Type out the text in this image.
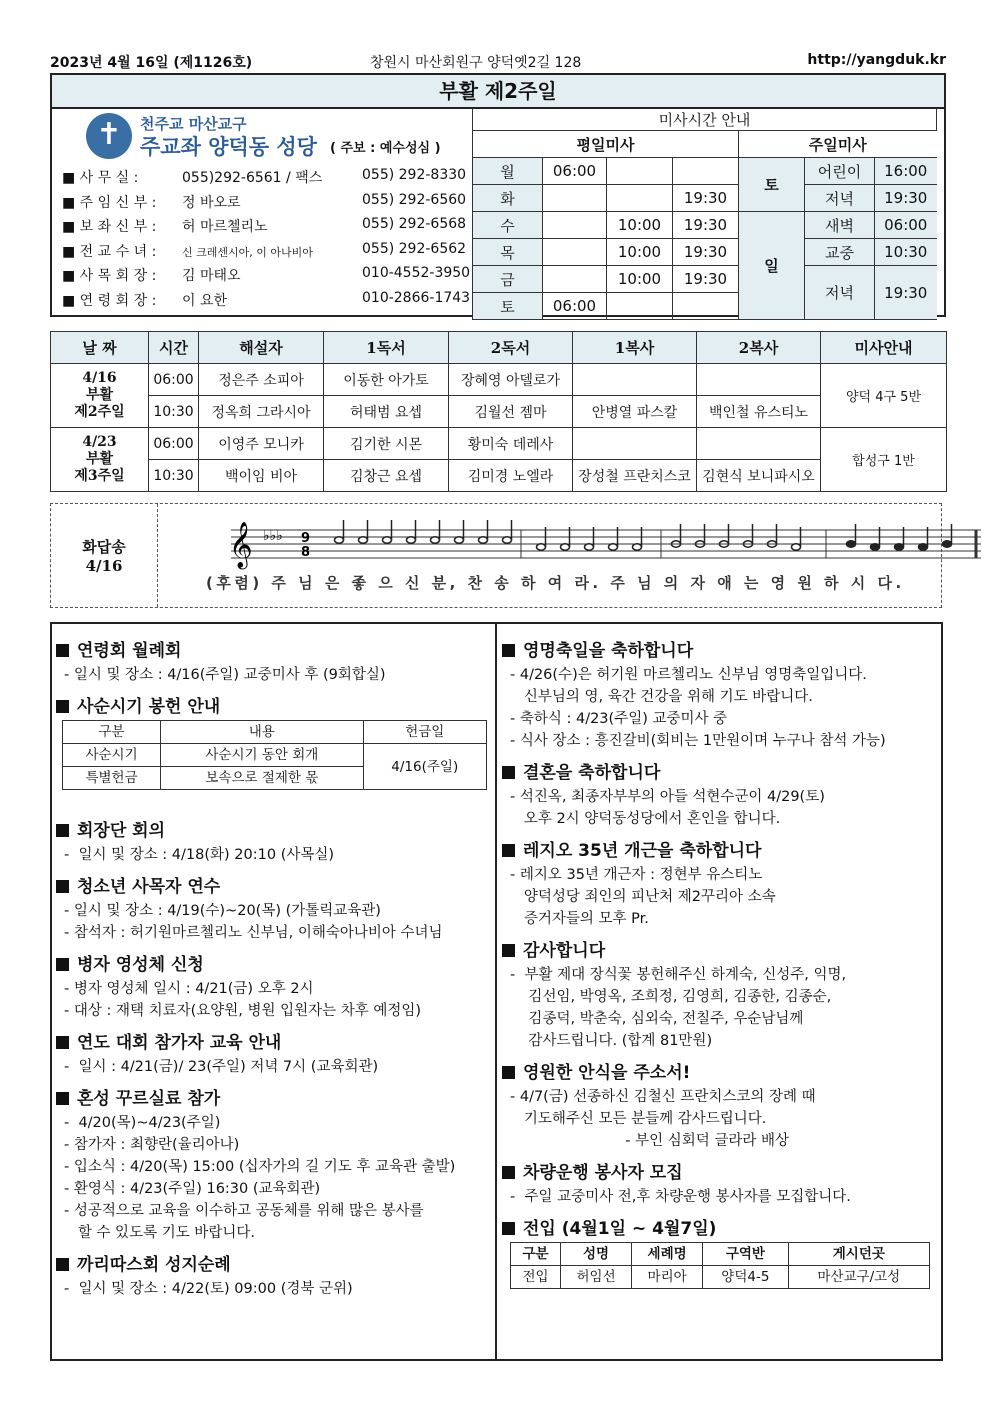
2023년 4월 16일 (제1126호)	창원시 마산회원구 양덕옛2길 128	http://yangduk.kr
부활 제2주일
✝	천주교 마산교구
주교좌 양덕동 성당 ( 주보 : 예수성심 )
■ 사 무 실 :	055)292-6561 / 팩스	055) 292-8330
■ 주 임 신 부 : 정 바오로	055) 292-6560
■ 보 좌 신 부 : 허 마르첼리노	055) 292-6568
■ 전 교 수 녀 : 신 크레센시아, 이 아나비아	055) 292-6562
■ 사 목 회 장 : 김 마태오	010-4552-3950
■ 연 령 회 장 : 이 요한	010-2866-1743
미사시간 안내						
평일미사				주일미사		
월	06:00			토	어린이	16:00
화			19:30		저녁	19:30
수		10:00	19:30	일	새벽	06:00
목		10:00	19:30		교중	10:30
금		10:00	19:30		저녁	19:30
토	06:00					
날 짜	시간	해설자	1독서	2독서	1복사	2복사	미사안내
4/16
부활
제2주일	06:00	정은주 소피아	이동한 아가토	장혜영 아델로가			양덕 4구 5반
	10:30	정옥희 그라시아	허태범 요셉	김월선 젬마	안병열 파스칼	백인철 유스티노	
4/23
부활
제3주일	06:00	이영주 모니카	김기한 시몬	황미숙 데레사			합성구 1반
	10:30	백이임 비아	김창근 요셉	김미경 노엘라	장성철 프란치스코	김현식 보니파시오	
화답송
4/16	𝄞 ♭♭♭ 9
8
(후렴) 주 님 은 좋 으 신 분, 찬 송 하 여 라. 주 님 의 자 애 는 영 원 하 시 다.
연령회 월례회
- 일시 및 장소 : 4/16(주일) 교중미사 후 (9회합실)
사순시기 봉헌 안내
구분	내용	헌금일
사순시기	사순시기 동안 회개	4/16(주일)
특별헌금	보속으로 절제한 몫	
회장단 회의
-  일시 및 장소 : 4/18(화) 20:10 (사목실)
청소년 사목자 연수
- 일시 및 장소 : 4/19(수)~20(목) (가톨릭교육관)
- 참석자 : 허기원마르첼리노 신부님, 이해숙아나비아 수녀님
병자 영성체 신청
- 병자 영성체 일시 : 4/21(금) 오후 2시
- 대상 : 재택 치료자(요양원, 병원 입원자는 차후 예정임)
연도 대회 참가자 교육 안내
-  일시 : 4/21(금)/ 23(주일) 저녁 7시 (교육회관)
혼성 꾸르실료 참가
-  4/20(목)~4/23(주일)
- 참가자 : 최향란(율리아나)
- 입소식 : 4/20(목) 15:00 (십자가의 길 기도 후 교육관 출발)
- 환영식 : 4/23(주일) 16:30 (교육회관)
- 성공적으로 교육을 이수하고 공동체를 위해 많은 봉사를
할 수 있도록 기도 바랍니다.
까리따스회 성지순례
-  일시 및 장소 : 4/22(토) 09:00 (경북 군위)
영명축일을 축하합니다
- 4/26(수)은 허기원 마르첼리노 신부님 영명축일입니다.
신부님의 영, 육간 건강을 위해 기도 바랍니다.
- 축하식 : 4/23(주일) 교중미사 중
- 식사 장소 : 흥진갈비(회비는 1만원이며 누구나 참석 가능)
결혼을 축하합니다
- 석진옥, 최종자부부의 아들 석현수군이 4/29(토)
오후 2시 양덕동성당에서 혼인을 합니다.
레지오 35년 개근을 축하합니다
- 레지오 35년 개근자 : 정현부 유스티노
양덕성당 죄인의 피난처 제2꾸리아 소속
증거자들의 모후 Pr.
감사합니다
-  부활 제대 장식꽃 봉헌해주신 하계숙, 신성주, 익명,
김선임, 박영옥, 조희정, 김영희, 김종한, 김종순,
김종덕, 박춘숙, 심외숙, 전칠주, 우순남님께
감사드립니다. (합계 81만원)
영원한 안식을 주소서!
- 4/7(금) 선종하신 김철신 프란치스코의 장례 때
기도해주신 모든 분들께 감사드립니다.
- 부인 심회덕 글라라 배상
차량운행 봉사자 모집
-  주일 교중미사 전,후 차량운행 봉사자를 모집합니다.
전입 (4월1일 ~ 4월7일)
구분	성명	세례명	구역반	게시던곳
전입	허임선	마리아	양덕4-5	마산교구/고성
